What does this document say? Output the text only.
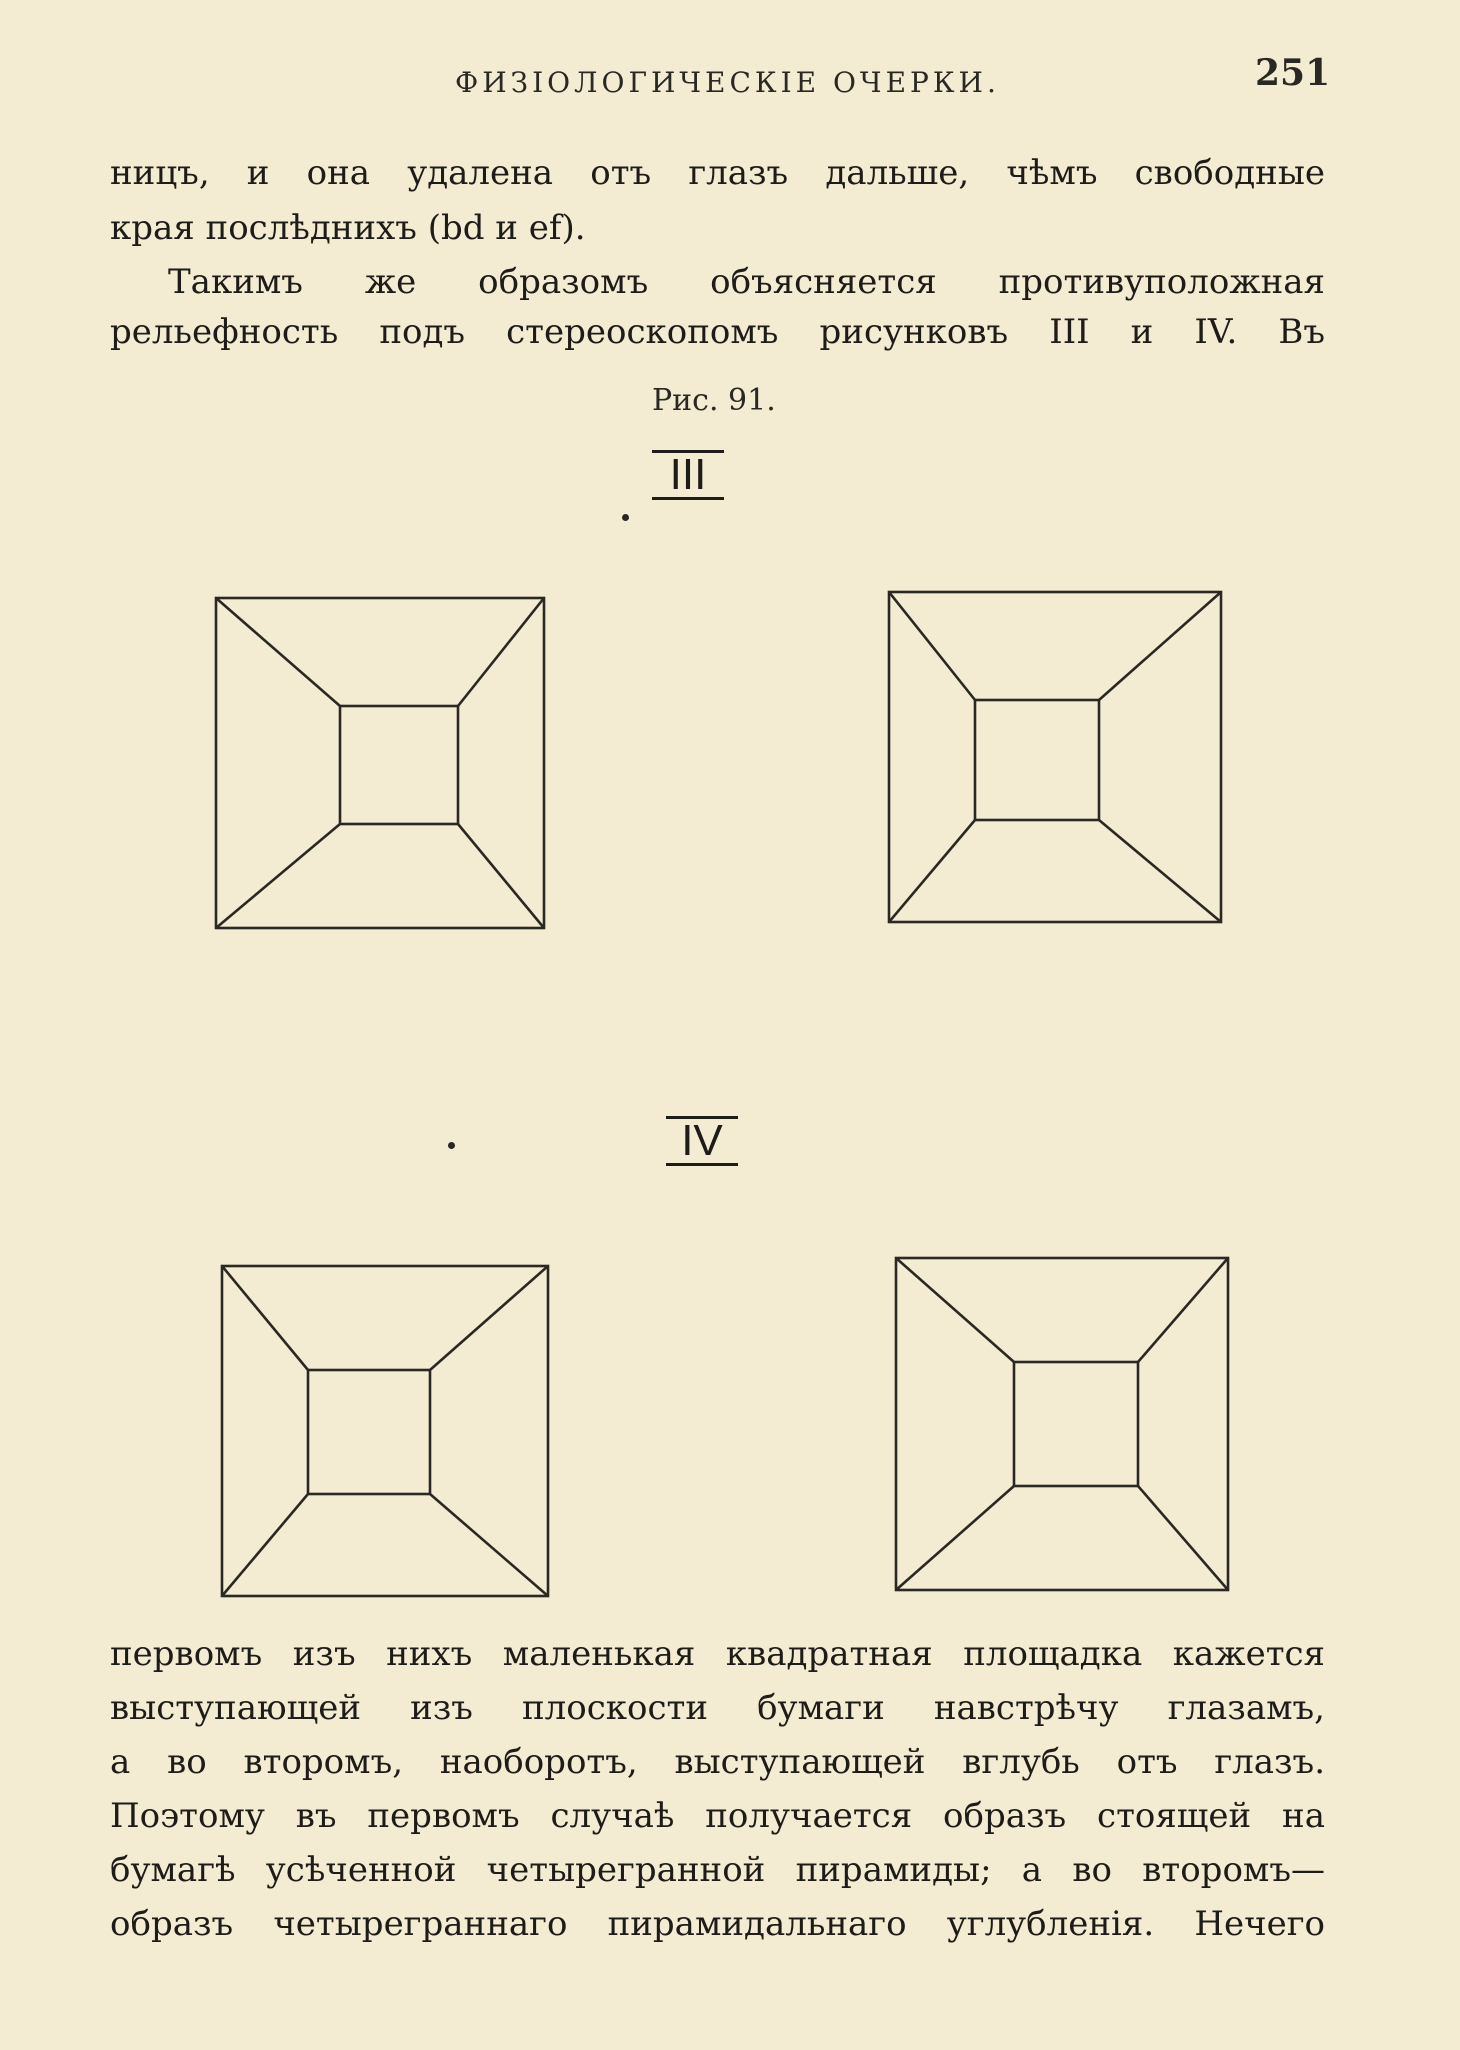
ФИЗIОЛОГИЧЕСКIЕ ОЧЕРКИ.	251
ницъ, и она удалена отъ глазъ дальше, чѣмъ свободные
края послѣднихъ (bd и ef).
Такимъ же образомъ объясняется противуположная
рельефность подъ стереоскопомъ рисунковъ III и IV. Въ
Рис. 91.
III
IV
первомъ изъ нихъ маленькая квадратная площадка кажется
выступающей изъ плоскости бумаги навстрѣчу глазамъ,
а во второмъ, наоборотъ, выступающей вглубь отъ глазъ.
Поэтому въ первомъ случаѣ получается образъ стоящей на
бумагѣ усѣченной четырегранной пирамиды; а во второмъ—
образъ четыреграннаго пирамидальнаго углубленiя. Нечего
